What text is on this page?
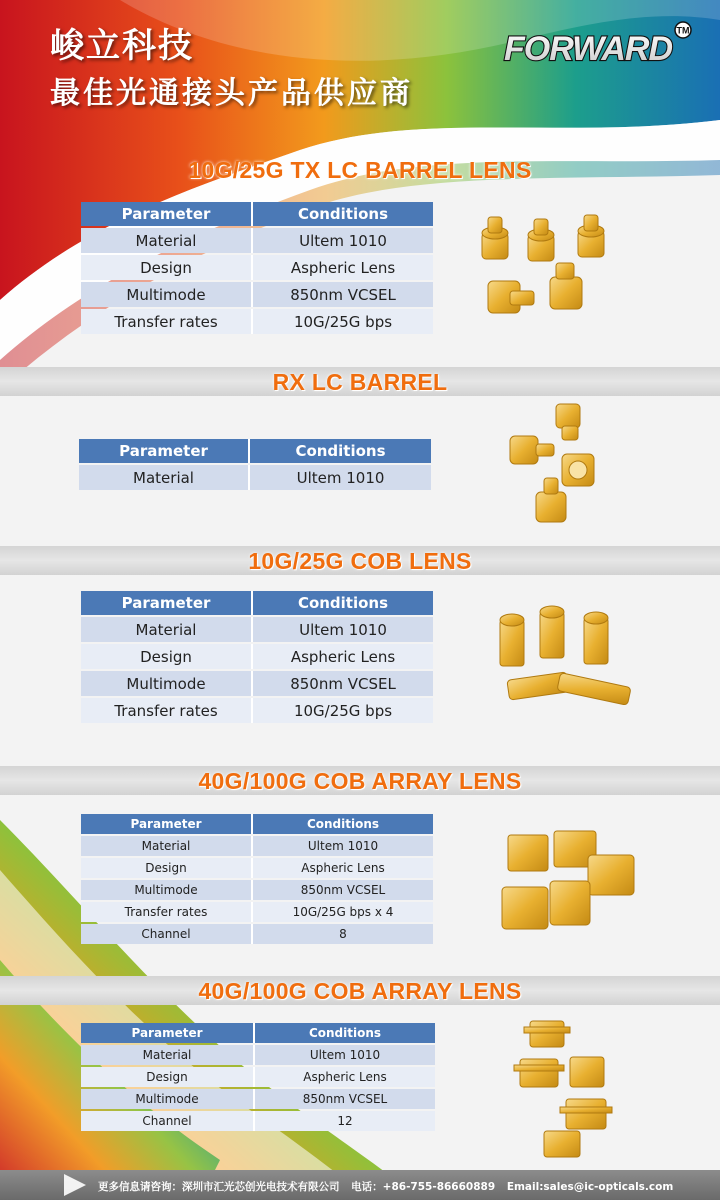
峻立科技
最佳光通接头产品供应商
FORWARD TM
10G/25G TX LC BARREL LENS
RX LC BARREL
10G/25G COB LENS
40G/100G COB ARRAY LENS
40G/100G COB ARRAY LENS
Parameter	Conditions
Material	Ultem 1010
Design	Aspheric Lens
Multimode	850nm VCSEL
Transfer rates	10G/25G bps
Parameter	Conditions
Material	Ultem 1010
Parameter	Conditions
Material	Ultem 1010
Design	Aspheric Lens
Multimode	850nm VCSEL
Transfer rates	10G/25G bps
Parameter	Conditions
Material	Ultem 1010
Design	Aspheric Lens
Multimode	850nm VCSEL
Transfer rates	10G/25G bps x 4
Channel	8
Parameter	Conditions
Material	Ultem 1010
Design	Aspheric Lens
Multimode	850nm VCSEL
Channel	12
更多信息请咨询：深圳市汇光芯创光电技术有限公司 电话：+86-755-86660889 Email:sales@ic-opticals.com
